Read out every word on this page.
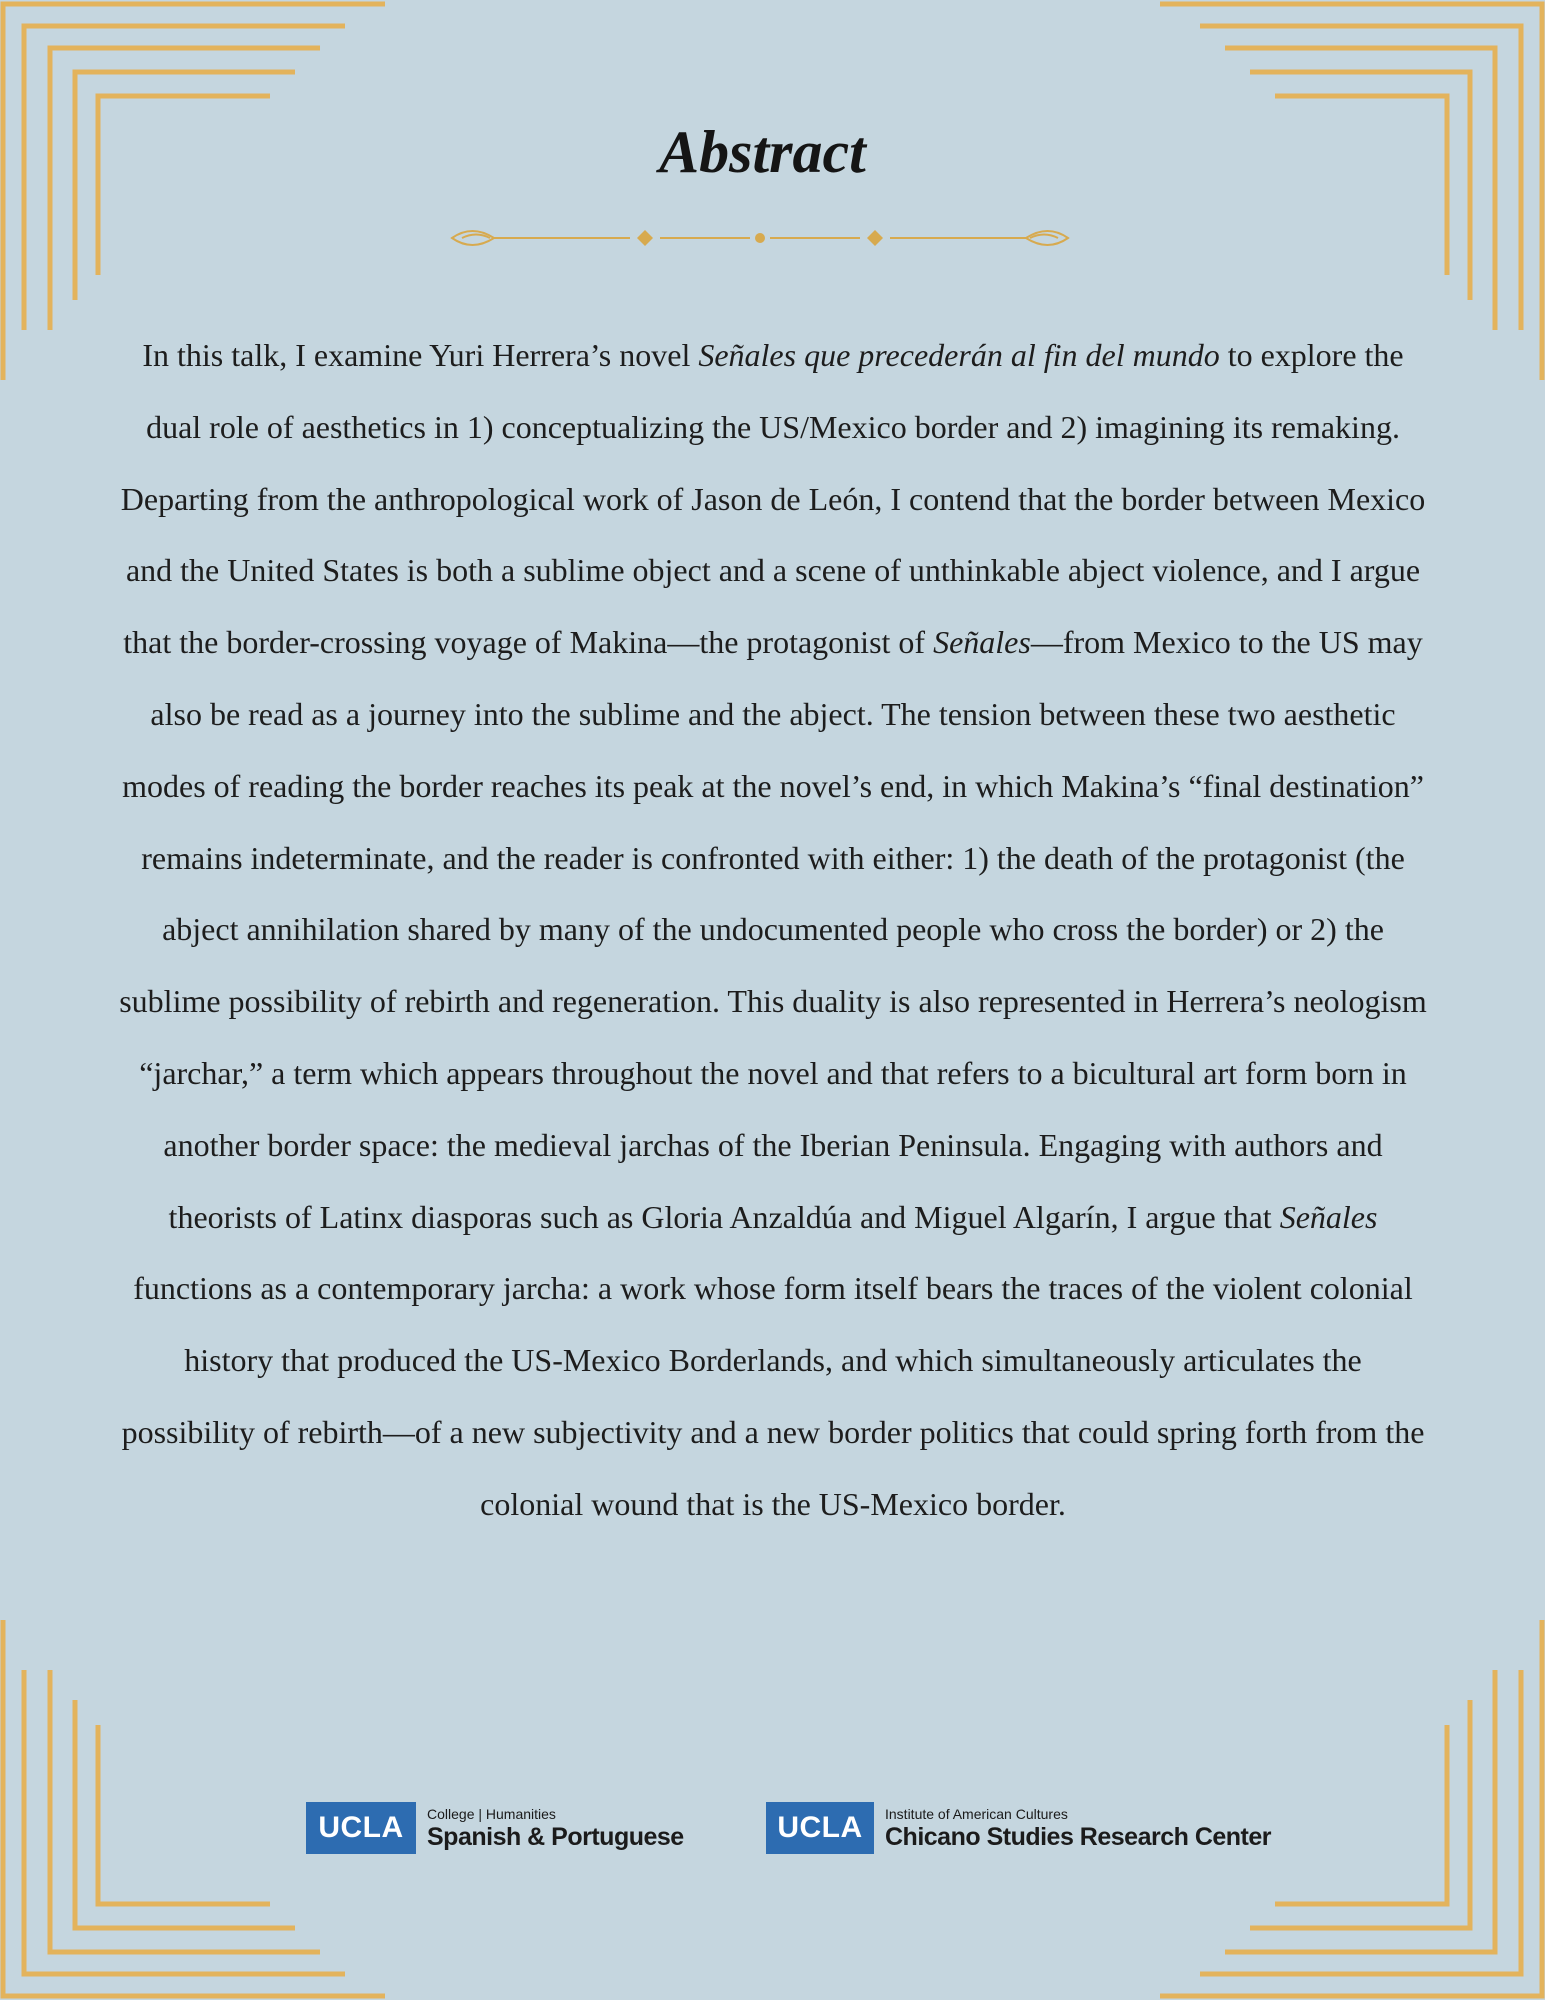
Abstract

In this talk, I examine Yuri Herrera’s novel Señales que precederán al fin del mundo to explore the dual role of aesthetics in 1) conceptualizing the US/Mexico border and 2) imagining its remaking. Departing from the anthropological work of Jason de León, I contend that the border between Mexico and the United States is both a sublime object and a scene of unthinkable abject violence, and I argue that the border-crossing voyage of Makina—the protagonist of Señales—from Mexico to the US may also be read as a journey into the sublime and the abject. The tension between these two aesthetic modes of reading the border reaches its peak at the novel’s end, in which Makina’s “final destination” remains indeterminate, and the reader is confronted with either: 1) the death of the protagonist (the abject annihilation shared by many of the undocumented people who cross the border) or 2) the sublime possibility of rebirth and regeneration. This duality is also represented in Herrera’s neologism “jarchar,” a term which appears throughout the novel and that refers to a bicultural art form born in another border space: the medieval jarchas of the Iberian Peninsula. Engaging with authors and theorists of Latinx diasporas such as Gloria Anzaldúa and Miguel Algarín, I argue that Señales functions as a contemporary jarcha: a work whose form itself bears the traces of the violent colonial history that produced the US-Mexico Borderlands, and which simultaneously articulates the possibility of rebirth—of a new subjectivity and a new border politics that could spring forth from the colonial wound that is the US-Mexico border.

UCLA	College | Humanities
Spanish & Portuguese	UCLA	Institute of American Cultures
Chicano Studies Research Center
